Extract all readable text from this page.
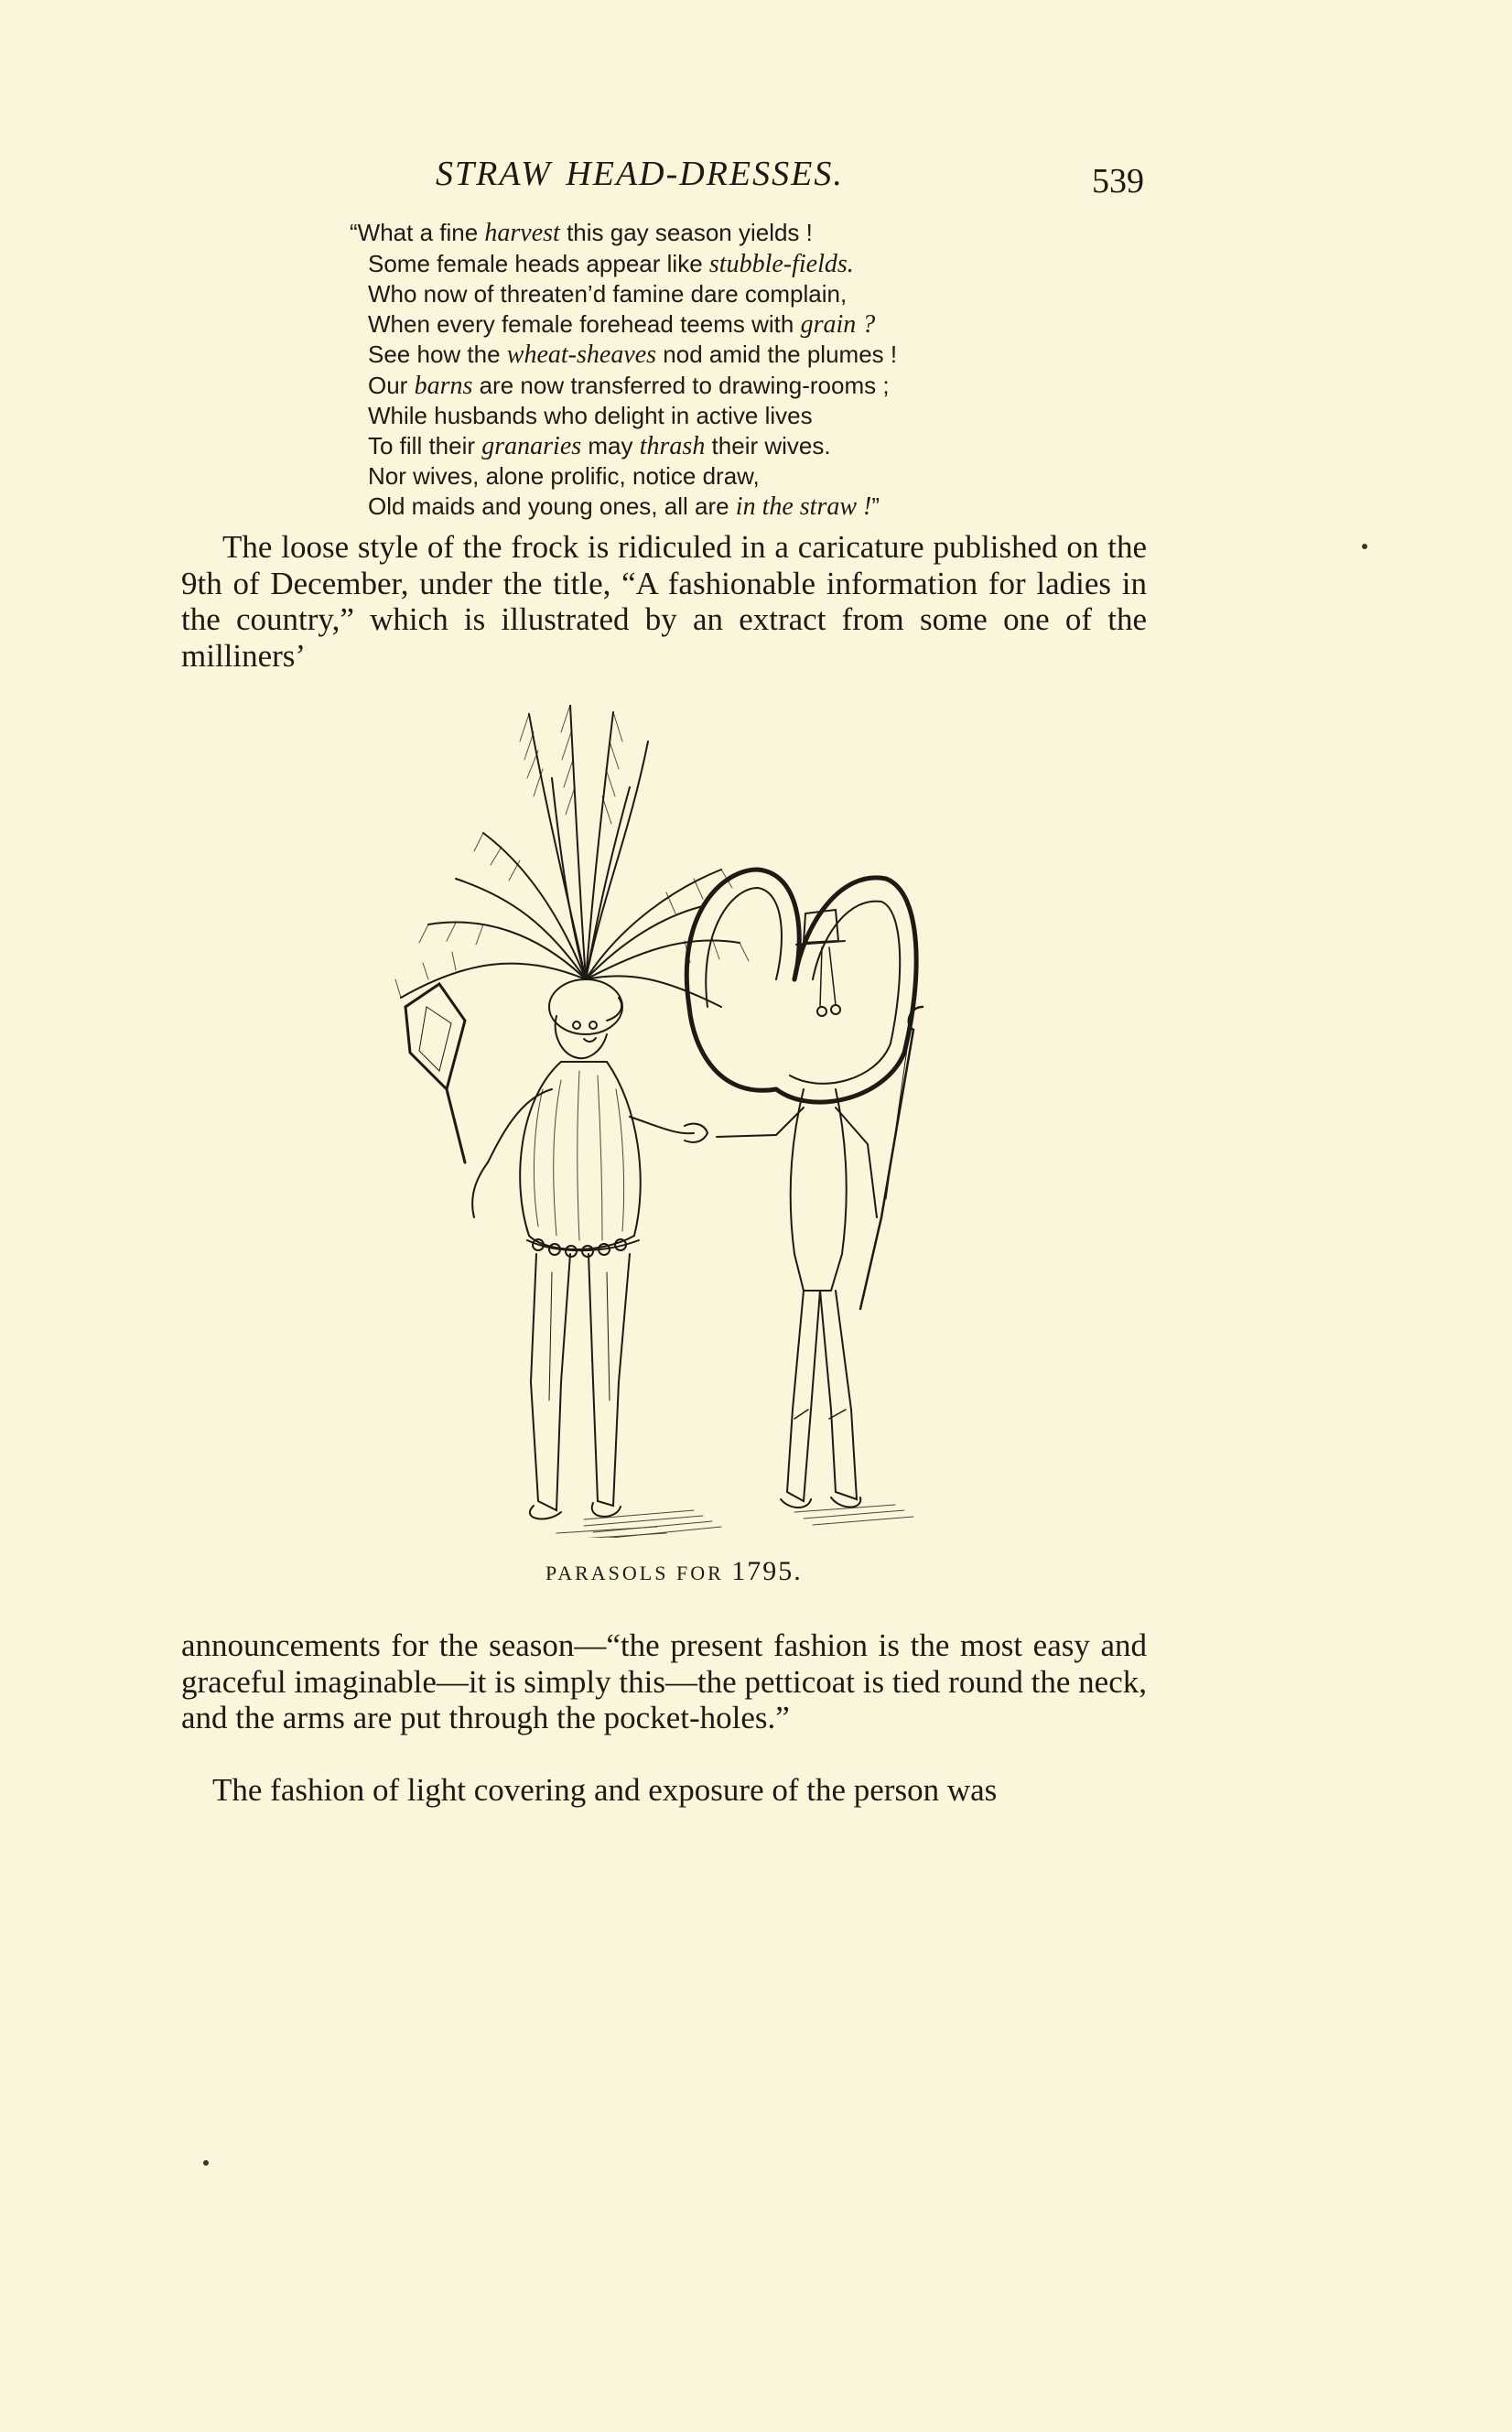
STRAW HEAD-DRESSES.	539
“What a fine harvest this gay season yields !
Some female heads appear like stubble-fields.
Who now of threaten’d famine dare complain,
When every female forehead teems with grain ?
See how the wheat-sheaves nod amid the plumes !
Our barns are now transferred to drawing-rooms ;
While husbands who delight in active lives
To fill their granaries may thrash their wives.
Nor wives, alone prolific, notice draw,
Old maids and young ones, all are in the straw !”
The loose style of the frock is ridiculed in a caricature published on the 9th of December, under the title, “A fashionable information for ladies in the country,” which is illustrated by an extract from some one of the milliners’
PARASOLS FOR 1795.
announcements for the season—“the present fashion is the most easy and graceful imaginable—it is simply this—the petticoat is tied round the neck, and the arms are put through the pocket-holes.”
The fashion of light covering and exposure of the person was
